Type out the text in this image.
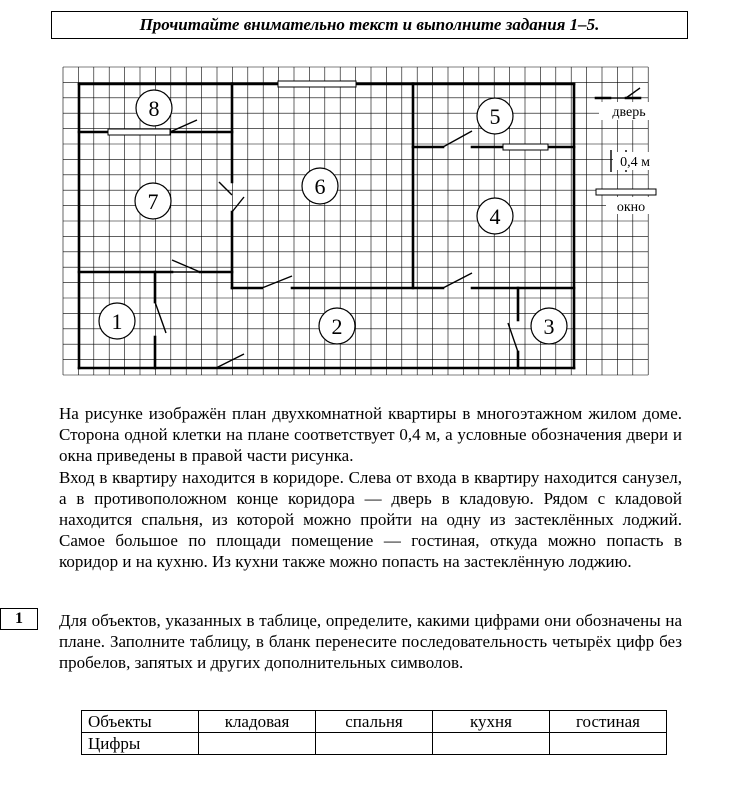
Прочитайте внимательно текст и выполните задания 1–5.
1	2	3
4
5
6
7
8	дверь
0,4 м
окно

На рисунке изображён план двухкомнатной квартиры в многоэтажном жилом доме. Сторона одной клетки на плане соответствует 0,4 м, а условные обозначения двери и окна приведены в правой части рисунка.

Вход в квартиру находится в коридоре. Слева от входа в квартиру находится санузел, а в противоположном конце коридора — дверь в кладовую. Рядом с кладовой находится спальня, из которой можно пройти на одну из застеклённых лоджий. Самое большое по площади помещение — гостиная, откуда можно попасть в коридор и на кухню. Из кухни также можно попасть на застеклённую лоджию.

1	Для объектов, указанных в таблице, определите, какими цифрами они обозначены на плане. Заполните таблицу, в бланк перенесите последовательность четырёх цифр без пробелов, запятых и других дополнительных символов.

Объекты	кладовая	спальня	кухня	гостиная
Цифры				
